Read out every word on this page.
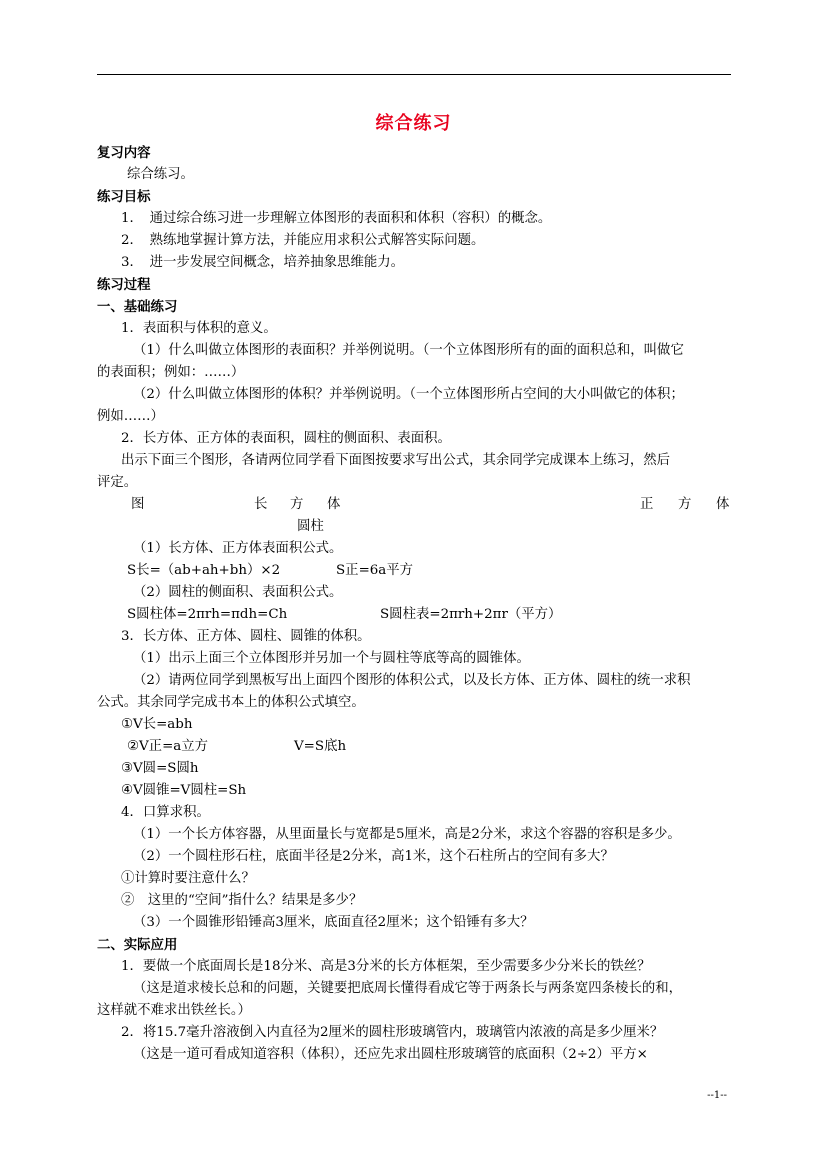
综合练习
复习内容
综合练习。
练习目标
1．　通过综合练习进一步理解立体图形的表面积和体积（容积）的概念。
2．　熟练地掌握计算方法，并能应用求积公式解答实际问题。
3．　进一步发展空间概念，培养抽象思维能力。
练习过程
一、基础练习
1．表面积与体积的意义。
（1）什么叫做立体图形的表面积？并举例说明。（一个立体图形所有的面的面积总和，叫做它
的表面积；例如：……）
（2）什么叫做立体图形的体积？并举例说明。（一个立体图形所占空间的大小叫做它的体积；
例如……）
2．长方体、正方体的表面积，圆柱的侧面积、表面积。
出示下面三个图形，各请两位同学看下面图按要求写出公式，其余同学完成课本上练习，然后
评定。
图	长 方 体	正 方 体
圆柱
（1）长方体、正方体表面积公式。
S长=（ab+ah+bh）×2	S正=6a平方
（2）圆柱的侧面积、表面积公式。
S圆柱体=2πrh=πdh=Ch	S圆柱表=2πrh+2πr（平方）
3．长方体、正方体、圆柱、圆锥的体积。
（1）出示上面三个立体图形并另加一个与圆柱等底等高的圆锥体。
（2）请两位同学到黑板写出上面四个图形的体积公式，以及长方体、正方体、圆柱的统一求积
公式。其余同学完成书本上的体积公式填空。
①V长=abh
②V正=a立方	V=S底h
③V圆=S圆h
④V圆锥=V圆柱=Sh
4．口算求积。
（1）一个长方体容器，从里面量长与宽都是5厘米，高是2分米，求这个容器的容积是多少。
（2）一个圆柱形石柱，底面半径是2分米，高1米，这个石柱所占的空间有多大？
①计算时要注意什么？
②　这里的“空间”指什么？结果是多少？
（3）一个圆锥形铅锤高3厘米，底面直径2厘米；这个铅锤有多大？
二、实际应用
1．要做一个底面周长是18分米、高是3分米的长方体框架，至少需要多少分米长的铁丝？
（这是道求棱长总和的问题，关键要把底周长懂得看成它等于两条长与两条宽四条棱长的和，
这样就不难求出铁丝长。）
2．将15.7毫升溶液倒入内直径为2厘米的圆柱形玻璃管内，玻璃管内浓液的高是多少厘米？
（这是一道可看成知道容积（体积），还应先求出圆柱形玻璃管的底面积（2÷2）平方×
--1--
